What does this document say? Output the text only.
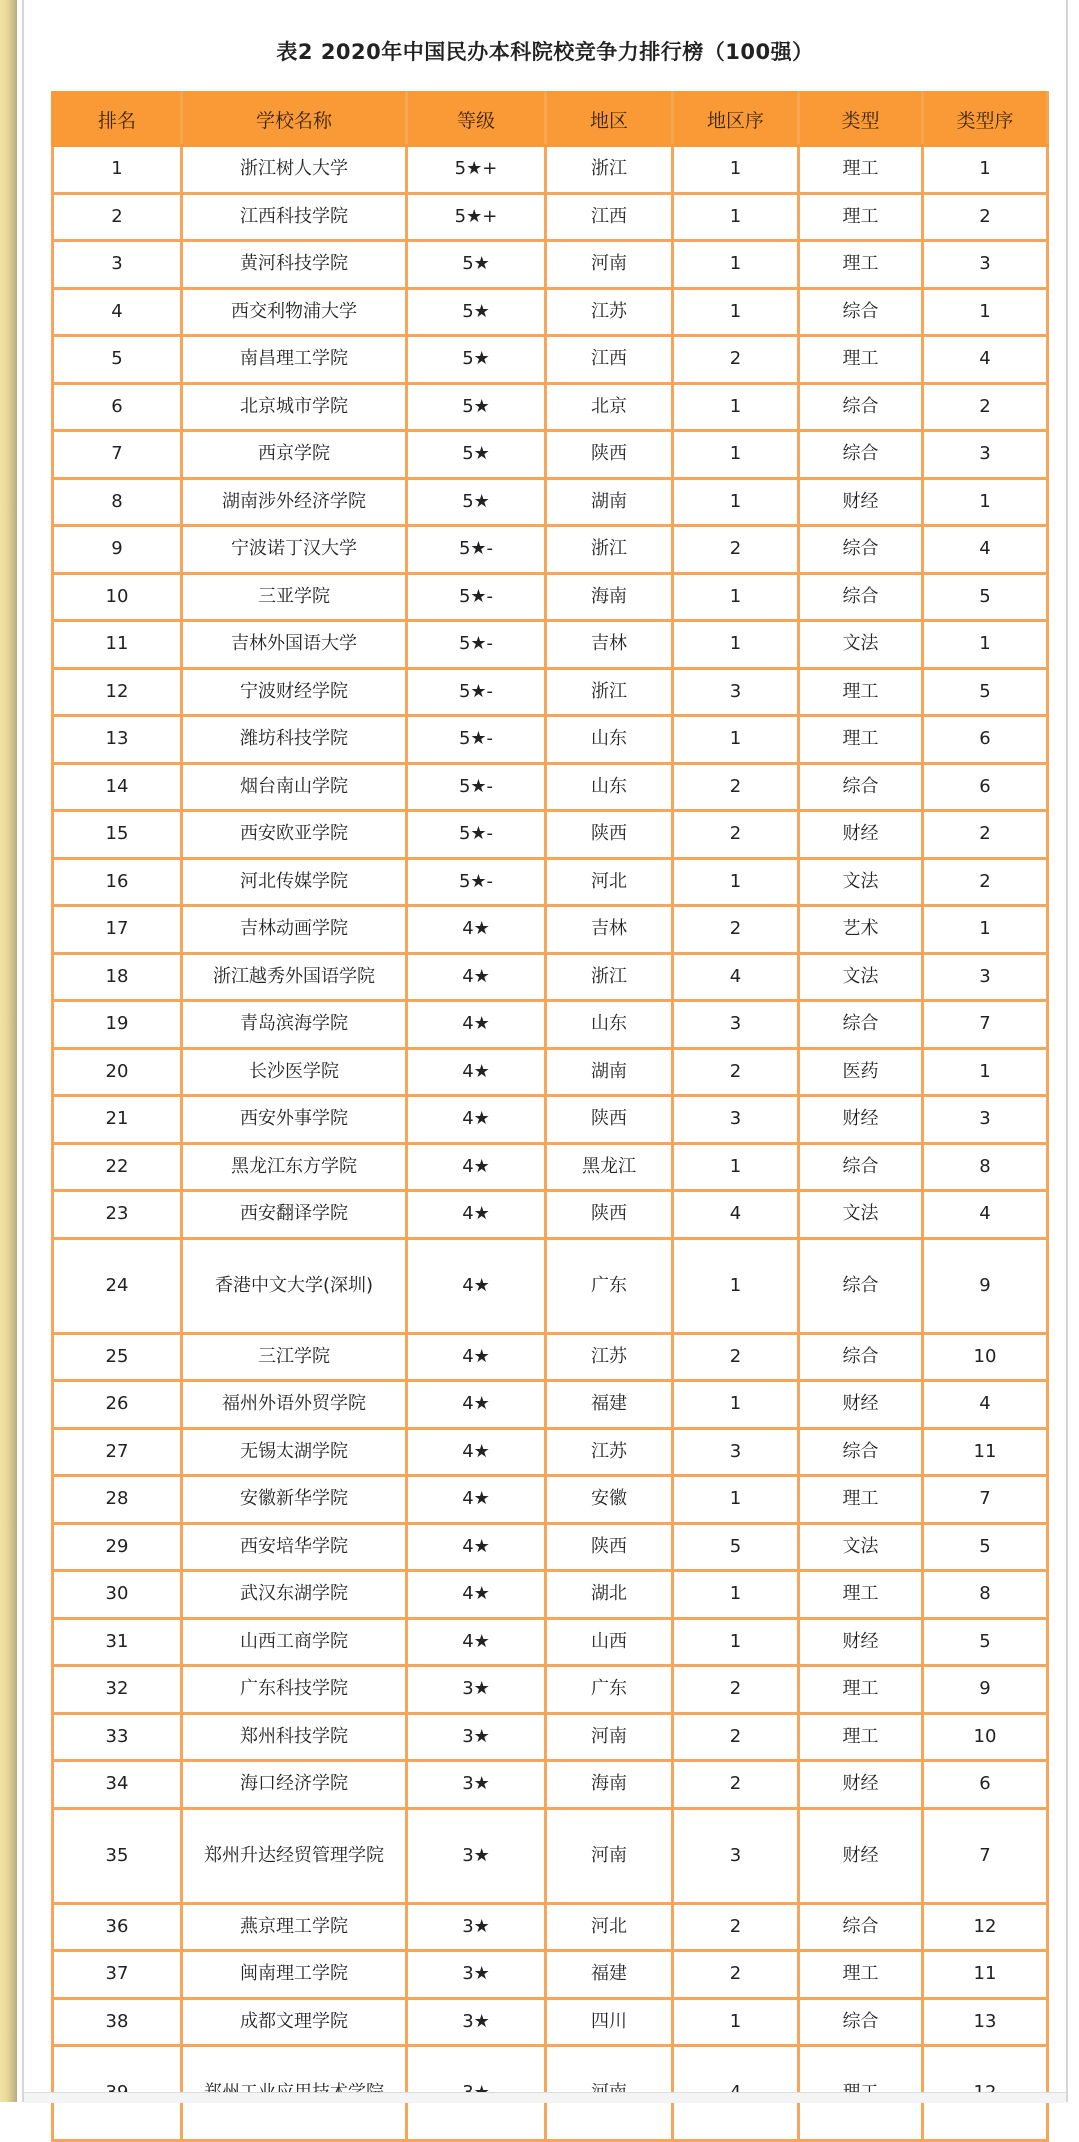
表2 2020年中国民办本科院校竞争力排行榜（100强）
排名	学校名称	等级	地区	地区序	类型	类型序
1	浙江树人大学	5★+	浙江	1	理工	1
2	江西科技学院	5★+	江西	1	理工	2
3	黄河科技学院	5★	河南	1	理工	3
4	西交利物浦大学	5★	江苏	1	综合	1
5	南昌理工学院	5★	江西	2	理工	4
6	北京城市学院	5★	北京	1	综合	2
7	西京学院	5★	陕西	1	综合	3
8	湖南涉外经济学院	5★	湖南	1	财经	1
9	宁波诺丁汉大学	5★-	浙江	2	综合	4
10	三亚学院	5★-	海南	1	综合	5
11	吉林外国语大学	5★-	吉林	1	文法	1
12	宁波财经学院	5★-	浙江	3	理工	5
13	潍坊科技学院	5★-	山东	1	理工	6
14	烟台南山学院	5★-	山东	2	综合	6
15	西安欧亚学院	5★-	陕西	2	财经	2
16	河北传媒学院	5★-	河北	1	文法	2
17	吉林动画学院	4★	吉林	2	艺术	1
18	浙江越秀外国语学院	4★	浙江	4	文法	3
19	青岛滨海学院	4★	山东	3	综合	7
20	长沙医学院	4★	湖南	2	医药	1
21	西安外事学院	4★	陕西	3	财经	3
22	黑龙江东方学院	4★	黑龙江	1	综合	8
23	西安翻译学院	4★	陕西	4	文法	4
24	香港中文大学(深圳)	4★	广东	1	综合	9
25	三江学院	4★	江苏	2	综合	10
26	福州外语外贸学院	4★	福建	1	财经	4
27	无锡太湖学院	4★	江苏	3	综合	11
28	安徽新华学院	4★	安徽	1	理工	7
29	西安培华学院	4★	陕西	5	文法	5
30	武汉东湖学院	4★	湖北	1	理工	8
31	山西工商学院	4★	山西	1	财经	5
32	广东科技学院	3★	广东	2	理工	9
33	郑州科技学院	3★	河南	2	理工	10
34	海口经济学院	3★	海南	2	财经	6
35	郑州升达经贸管理学院	3★	河南	3	财经	7
36	燕京理工学院	3★	河北	2	综合	12
37	闽南理工学院	3★	福建	2	理工	11
38	成都文理学院	3★	四川	1	综合	13
